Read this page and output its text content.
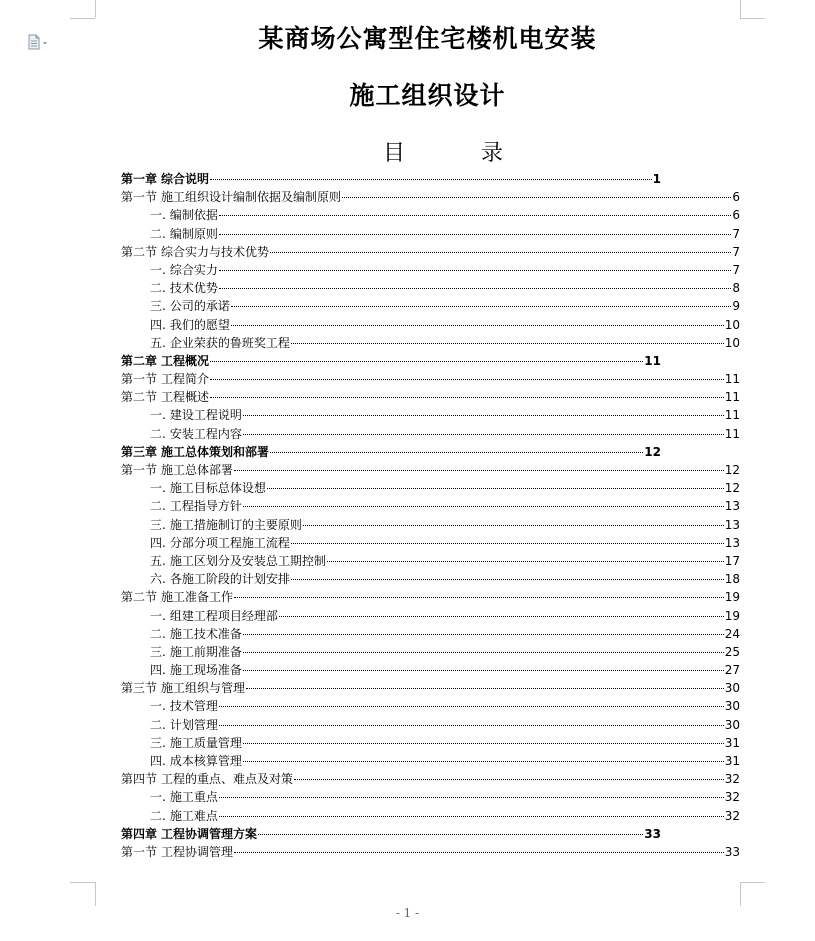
某商场公寓型住宅楼机电安装
施工组织设计
目	录
第一章 综合说明	1
第一节 施工组织设计编制依据及编制原则	6
一. 编制依据	6
二. 编制原则	7
第二节 综合实力与技术优势	7
一. 综合实力	7
二. 技术优势	8
三. 公司的承诺	9
四. 我们的愿望	10
五. 企业荣获的鲁班奖工程	10
第二章 工程概况	11
第一节 工程简介	11
第二节 工程概述	11
一. 建设工程说明	11
二. 安装工程内容	11
第三章 施工总体策划和部署	12
第一节 施工总体部署	12
一. 施工目标总体设想	12
二. 工程指导方针	13
三. 施工措施制订的主要原则	13
四. 分部分项工程施工流程	13
五. 施工区划分及安装总工期控制	17
六. 各施工阶段的计划安排	18
第二节 施工准备工作	19
一. 组建工程项目经理部	19
二. 施工技术准备	24
三. 施工前期准备	25
四. 施工现场准备	27
第三节 施工组织与管理	30
一. 技术管理	30
二. 计划管理	30
三. 施工质量管理	31
四. 成本核算管理	31
第四节 工程的重点、难点及对策	32
一. 施工重点	32
二. 施工难点	32
第四章 工程协调管理方案	33
第一节 工程协调管理	33
- 1 -
